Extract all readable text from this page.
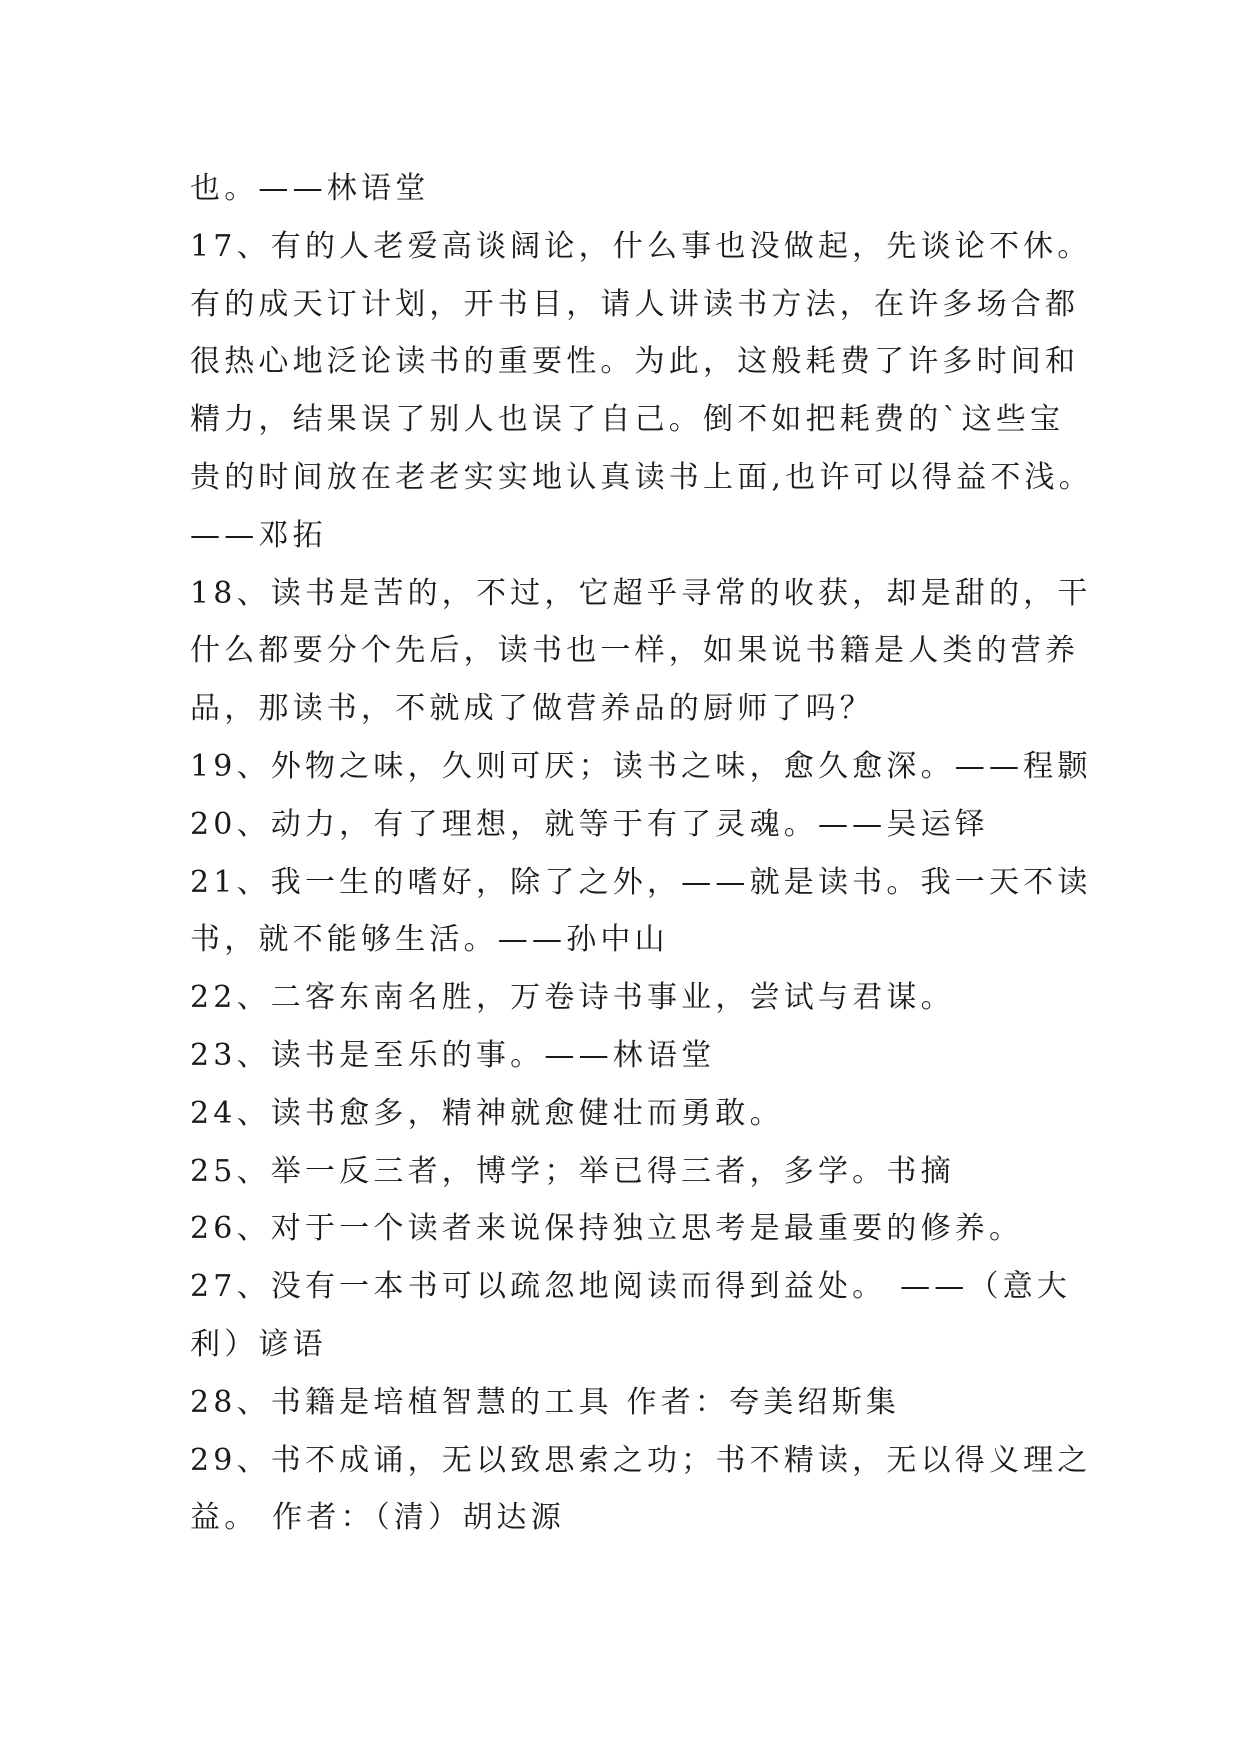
也。——林语堂
17、有的人老爱高谈阔论，什么事也没做起，先谈论不休。
有的成天订计划，开书目，请人讲读书方法，在许多场合都
很热心地泛论读书的重要性。为此，这般耗费了许多时间和
精力，结果误了别人也误了自己。倒不如把耗费的`这些宝
贵的时间放在老老实实地认真读书上面,也许可以得益不浅。
——邓拓
18、读书是苦的，不过，它超乎寻常的收获，却是甜的，干
什么都要分个先后，读书也一样，如果说书籍是人类的营养
品，那读书，不就成了做营养品的厨师了吗？
19、外物之味，久则可厌；读书之味，愈久愈深。——程颢
20、动力，有了理想，就等于有了灵魂。——吴运铎
21、我一生的嗜好，除了之外，——就是读书。我一天不读
书，就不能够生活。——孙中山
22、二客东南名胜，万卷诗书事业，尝试与君谋。
23、读书是至乐的事。——林语堂
24、读书愈多，精神就愈健壮而勇敢。
25、举一反三者，博学；举已得三者，多学。书摘
26、对于一个读者来说保持独立思考是最重要的修养。
27、没有一本书可以疏忽地阅读而得到益处。 ——（意大
利）谚语
28、书籍是培植智慧的工具 作者：夸美绍斯集
29、书不成诵，无以致思索之功；书不精读，无以得义理之
益。 作者：（清）胡达源
